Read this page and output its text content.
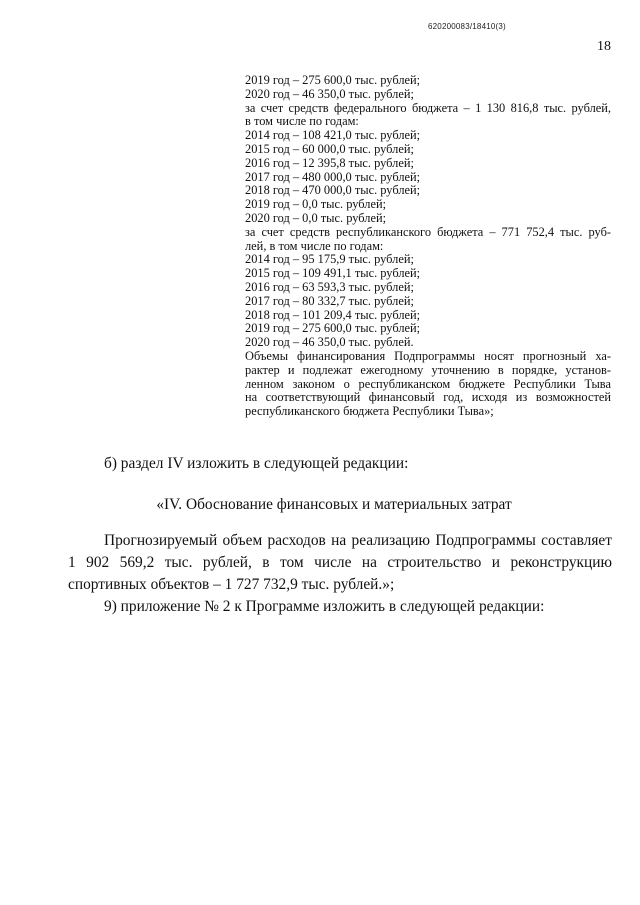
620200083/18410(3)
18
2019 год – 275 600,0 тыс. рублей;
2020 год – 46 350,0 тыс. рублей;
за счет средств федерального бюджета – 1 130 816,8 тыс. рублей,
в том числе по годам:
2014 год – 108 421,0 тыс. рублей;
2015 год – 60 000,0 тыс. рублей;
2016 год – 12 395,8 тыс. рублей;
2017 год – 480 000,0 тыс. рублей;
2018 год – 470 000,0 тыс. рублей;
2019 год – 0,0 тыс. рублей;
2020 год – 0,0 тыс. рублей;
за счет средств республиканского бюджета – 771 752,4 тыс. руб-
лей, в том числе по годам:
2014 год – 95 175,9 тыс. рублей;
2015 год – 109 491,1 тыс. рублей;
2016 год – 63 593,3 тыс. рублей;
2017 год – 80 332,7 тыс. рублей;
2018 год – 101 209,4 тыс. рублей;
2019 год – 275 600,0 тыс. рублей;
2020 год – 46 350,0 тыс. рублей.
Объемы финансирования Подпрограммы носят прогнозный ха-
рактер и подлежат ежегодному уточнению в порядке, установ-
ленном законом о республиканском бюджете Республики Тыва
на соответствующий финансовый год, исходя из возможностей
республиканского бюджета Республики Тыва»;
б) раздел IV изложить в следующей редакции:
«IV. Обоснование финансовых и материальных затрат
Прогнозируемый объем расходов на реализацию Подпрограммы составляет 1 902 569,2 тыс. рублей, в том числе на строительство и реконструкцию спортивных объектов – 1 727 732,9 тыс. рублей.»;
9) приложение № 2 к Программе изложить в следующей редакции:
